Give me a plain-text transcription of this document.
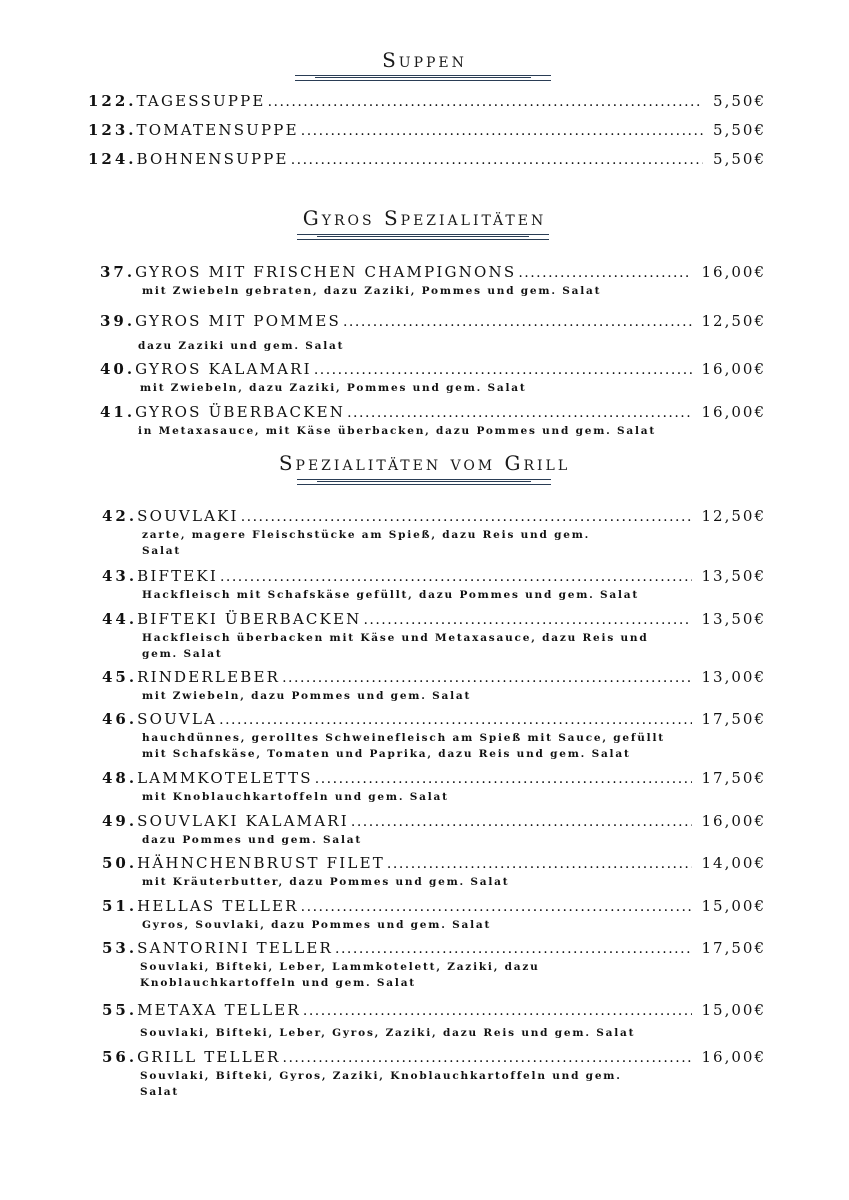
Suppen
122. TAGESSUPPE .....	5,50€
123. TOMATENSUPPE .....	5,50€
124. BOHNENSUPPE .....	5,50€
Gyros Spezialitäten
37. GYROS MIT FRISCHEN CHAMPIGNONS .....	16,00€
mit Zwiebeln gebraten, dazu Zaziki, Pommes und gem. Salat
39. GYROS MIT POMMES .....	12,50€
dazu Zaziki und gem. Salat
40. GYROS KALAMARI .....	16,00€
mit Zwiebeln, dazu Zaziki, Pommes und gem. Salat
41. GYROS ÜBERBACKEN .....	16,00€
in Metaxasauce, mit Käse überbacken, dazu Pommes und gem. Salat
Spezialitäten vom Grill
42. SOUVLAKI .....	12,50€
zarte, magere Fleischstücke am Spieß, dazu Reis und gem.
Salat
43. BIFTEKI .....	13,50€
Hackfleisch mit Schafskäse gefüllt, dazu Pommes und gem. Salat
44. BIFTEKI ÜBERBACKEN .....	13,50€
Hackfleisch überbacken mit Käse und Metaxasauce, dazu Reis und
gem. Salat
45. RINDERLEBER .....	13,00€
mit Zwiebeln, dazu Pommes und gem. Salat
46. SOUVLA .....	17,50€
hauchdünnes, gerolltes Schweinefleisch am Spieß mit Sauce, gefüllt
mit Schafskäse, Tomaten und Paprika, dazu Reis und gem. Salat
48. LAMMKOTELETTS .....	17,50€
mit Knoblauchkartoffeln und gem. Salat
49. SOUVLAKI KALAMARI .....	16,00€
dazu Pommes und gem. Salat
50. HÄHNCHENBRUST FILET .....	14,00€
mit Kräuterbutter, dazu Pommes und gem. Salat
51. HELLAS TELLER .....	15,00€
Gyros, Souvlaki, dazu Pommes und gem. Salat
53. SANTORINI TELLER .....	17,50€
Souvlaki, Bifteki, Leber, Lammkotelett, Zaziki, dazu
Knoblauchkartoffeln und gem. Salat
55. METAXA TELLER .....	15,00€
Souvlaki, Bifteki, Leber, Gyros, Zaziki, dazu Reis und gem. Salat
56. GRILL TELLER .....	16,00€
Souvlaki, Bifteki, Gyros, Zaziki, Knoblauchkartoffeln und gem.
Salat
